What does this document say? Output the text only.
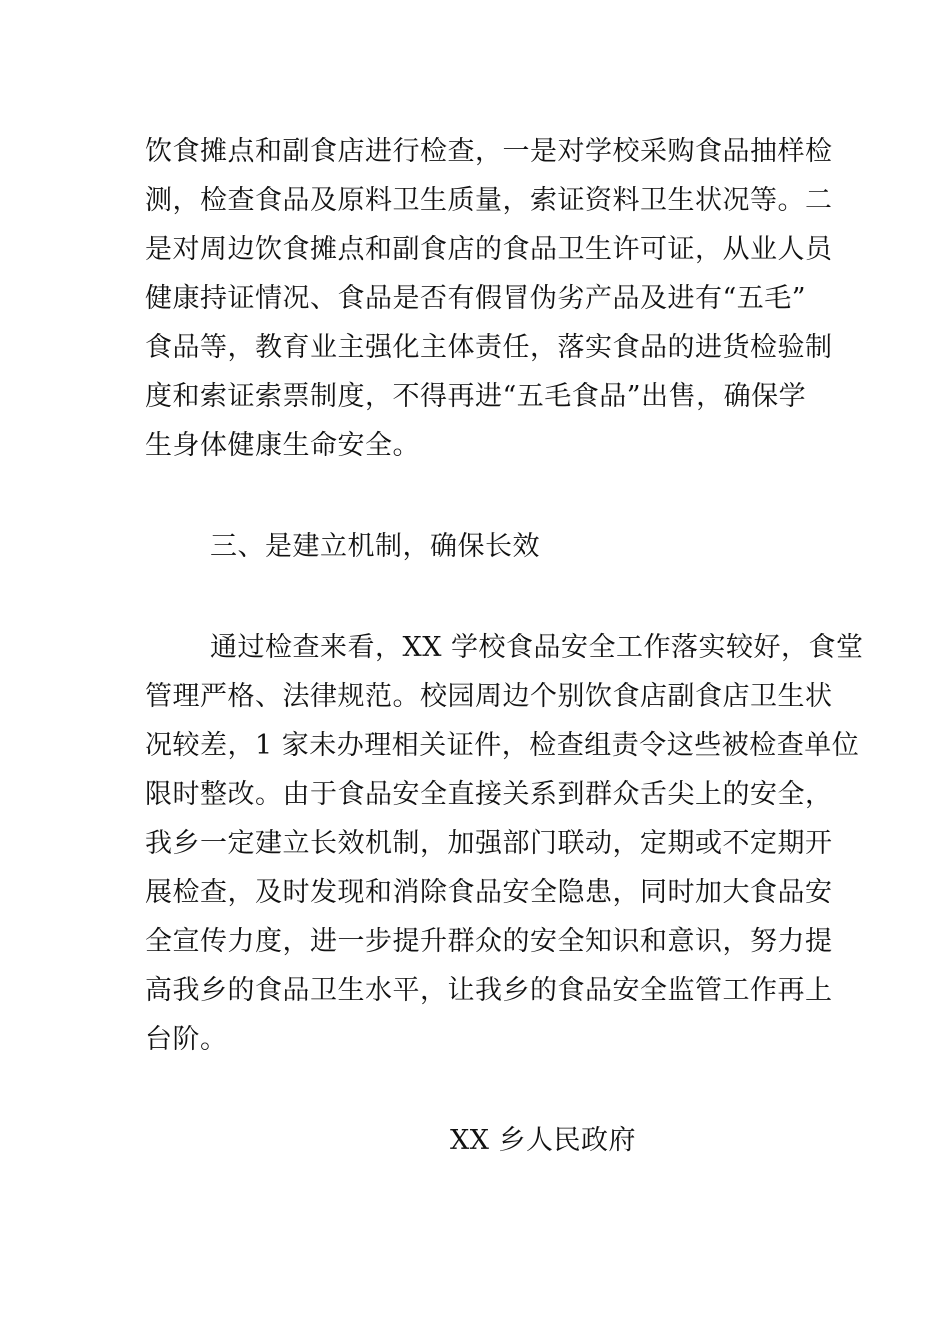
饮食摊点和副食店进行检查，一是对学校采购食品抽样检
测，检查食品及原料卫生质量，索证资料卫生状况等。二
是对周边饮食摊点和副食店的食品卫生许可证，从业人员
健康持证情况、食品是否有假冒伪劣产品及进有“五毛”
食品等，教育业主强化主体责任，落实食品的进货检验制
度和索证索票制度，不得再进“五毛食品”出售，确保学
生身体健康生命安全。
三、是建立机制，确保长效
通过检查来看，XX 学校食品安全工作落实较好，食堂
管理严格、法律规范。校园周边个别饮食店副食店卫生状
况较差，1 家未办理相关证件，检查组责令这些被检查单位
限时整改。由于食品安全直接关系到群众舌尖上的安全，
我乡一定建立长效机制，加强部门联动，定期或不定期开
展检查，及时发现和消除食品安全隐患，同时加大食品安
全宣传力度，进一步提升群众的安全知识和意识，努力提
高我乡的食品卫生水平，让我乡的食品安全监管工作再上
台阶。
XX 乡人民政府
